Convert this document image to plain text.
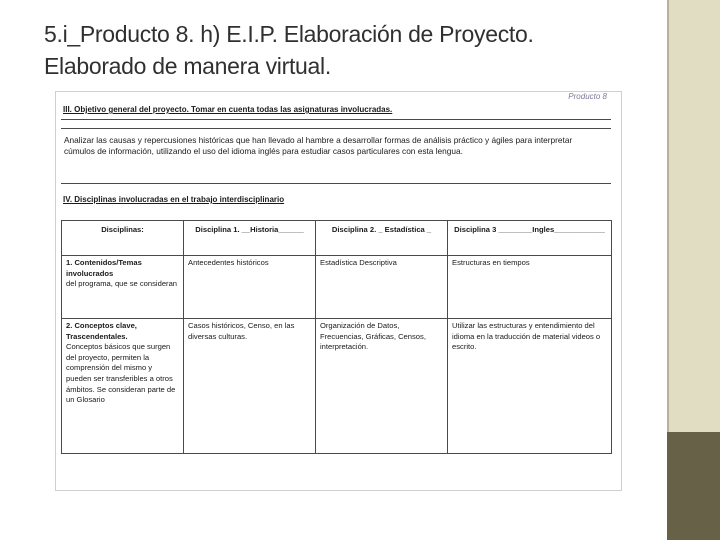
5.i_Producto 8. h) E.I.P. Elaboración de Proyecto.
Elaborado de manera virtual.
Producto 8
III. Objetivo general del proyecto. Tomar en cuenta todas las asignaturas involucradas.
Analizar las causas y repercusiones históricas que han llevado al hambre a desarrollar formas de análisis práctico y ágiles para interpretar cúmulos de información, utilizando el uso del idioma inglés para estudiar casos particulares con esta lengua.
IV. Disciplinas involucradas en el trabajo interdisciplinario
Disciplinas:	Disciplina 1. __Historia______	Disciplina 2. _ Estadística _	Disciplina 3 ________Ingles____________
1. Contenidos/Temas involucrados
del programa, que se consideran	Antecedentes históricos	Estadística Descriptiva	Estructuras en tiempos
2. Conceptos clave, Trascendentales.
Conceptos básicos que surgen del proyecto, permiten la comprensión del mismo y pueden ser transferibles a otros ámbitos. Se consideran parte de un Glosario	Casos históricos, Censo, en las diversas culturas.	Organización de Datos, Frecuencias, Gráficas, Censos, interpretación.	Utilizar las estructuras y entendimiento del idioma en la traducción de material videos o escrito.
